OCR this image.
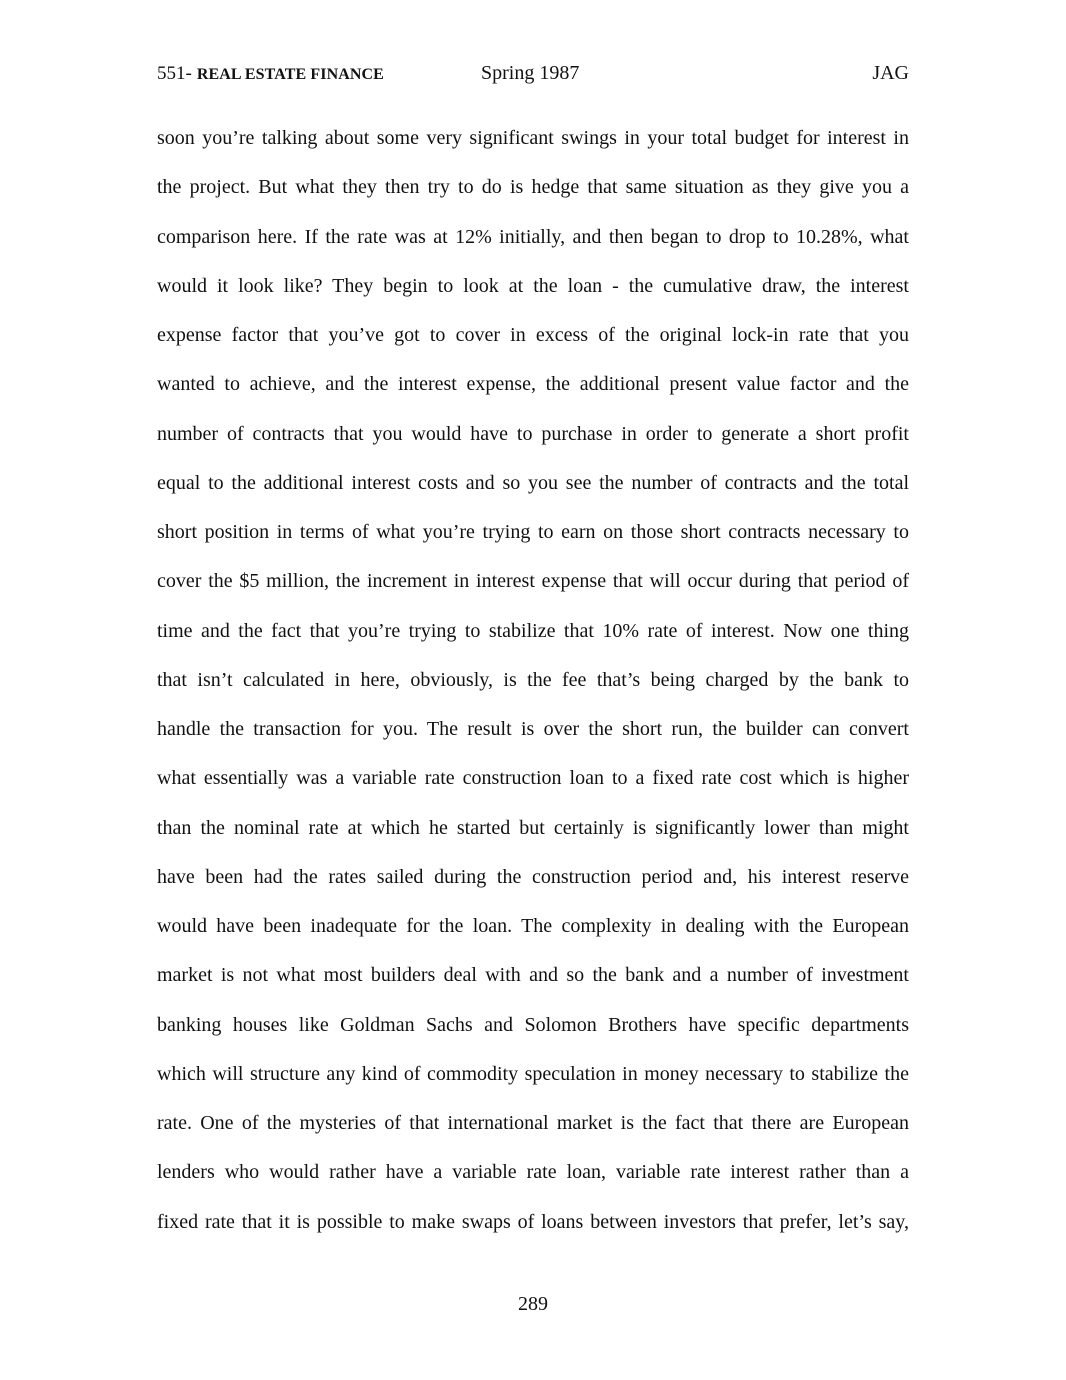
551- REAL ESTATE FINANCE	Spring 1987	JAG
soon you’re talking about some very significant swings in your total budget for interest in
the project. But what they then try to do is hedge that same situation as they give you a
comparison here. If the rate was at 12% initially, and then began to drop to 10.28%, what
would it look like? They begin to look at the loan - the cumulative draw, the interest
expense factor that you’ve got to cover in excess of the original lock-in rate that you
wanted to achieve, and the interest expense, the additional present value factor and the
number of contracts that you would have to purchase in order to generate a short profit
equal to the additional interest costs and so you see the number of contracts and the total
short position in terms of what you’re trying to earn on those short contracts necessary to
cover the $5 million, the increment in interest expense that will occur during that period of
time and the fact that you’re trying to stabilize that 10% rate of interest. Now one thing
that isn’t calculated in here, obviously, is the fee that’s being charged by the bank to
handle the transaction for you. The result is over the short run, the builder can convert
what essentially was a variable rate construction loan to a fixed rate cost which is higher
than the nominal rate at which he started but certainly is significantly lower than might
have been had the rates sailed during the construction period and, his interest reserve
would have been inadequate for the loan. The complexity in dealing with the European
market is not what most builders deal with and so the bank and a number of investment
banking houses like Goldman Sachs and Solomon Brothers have specific departments
which will structure any kind of commodity speculation in money necessary to stabilize the
rate. One of the mysteries of that international market is the fact that there are European
lenders who would rather have a variable rate loan, variable rate interest rather than a
fixed rate that it is possible to make swaps of loans between investors that prefer, let’s say,
289
